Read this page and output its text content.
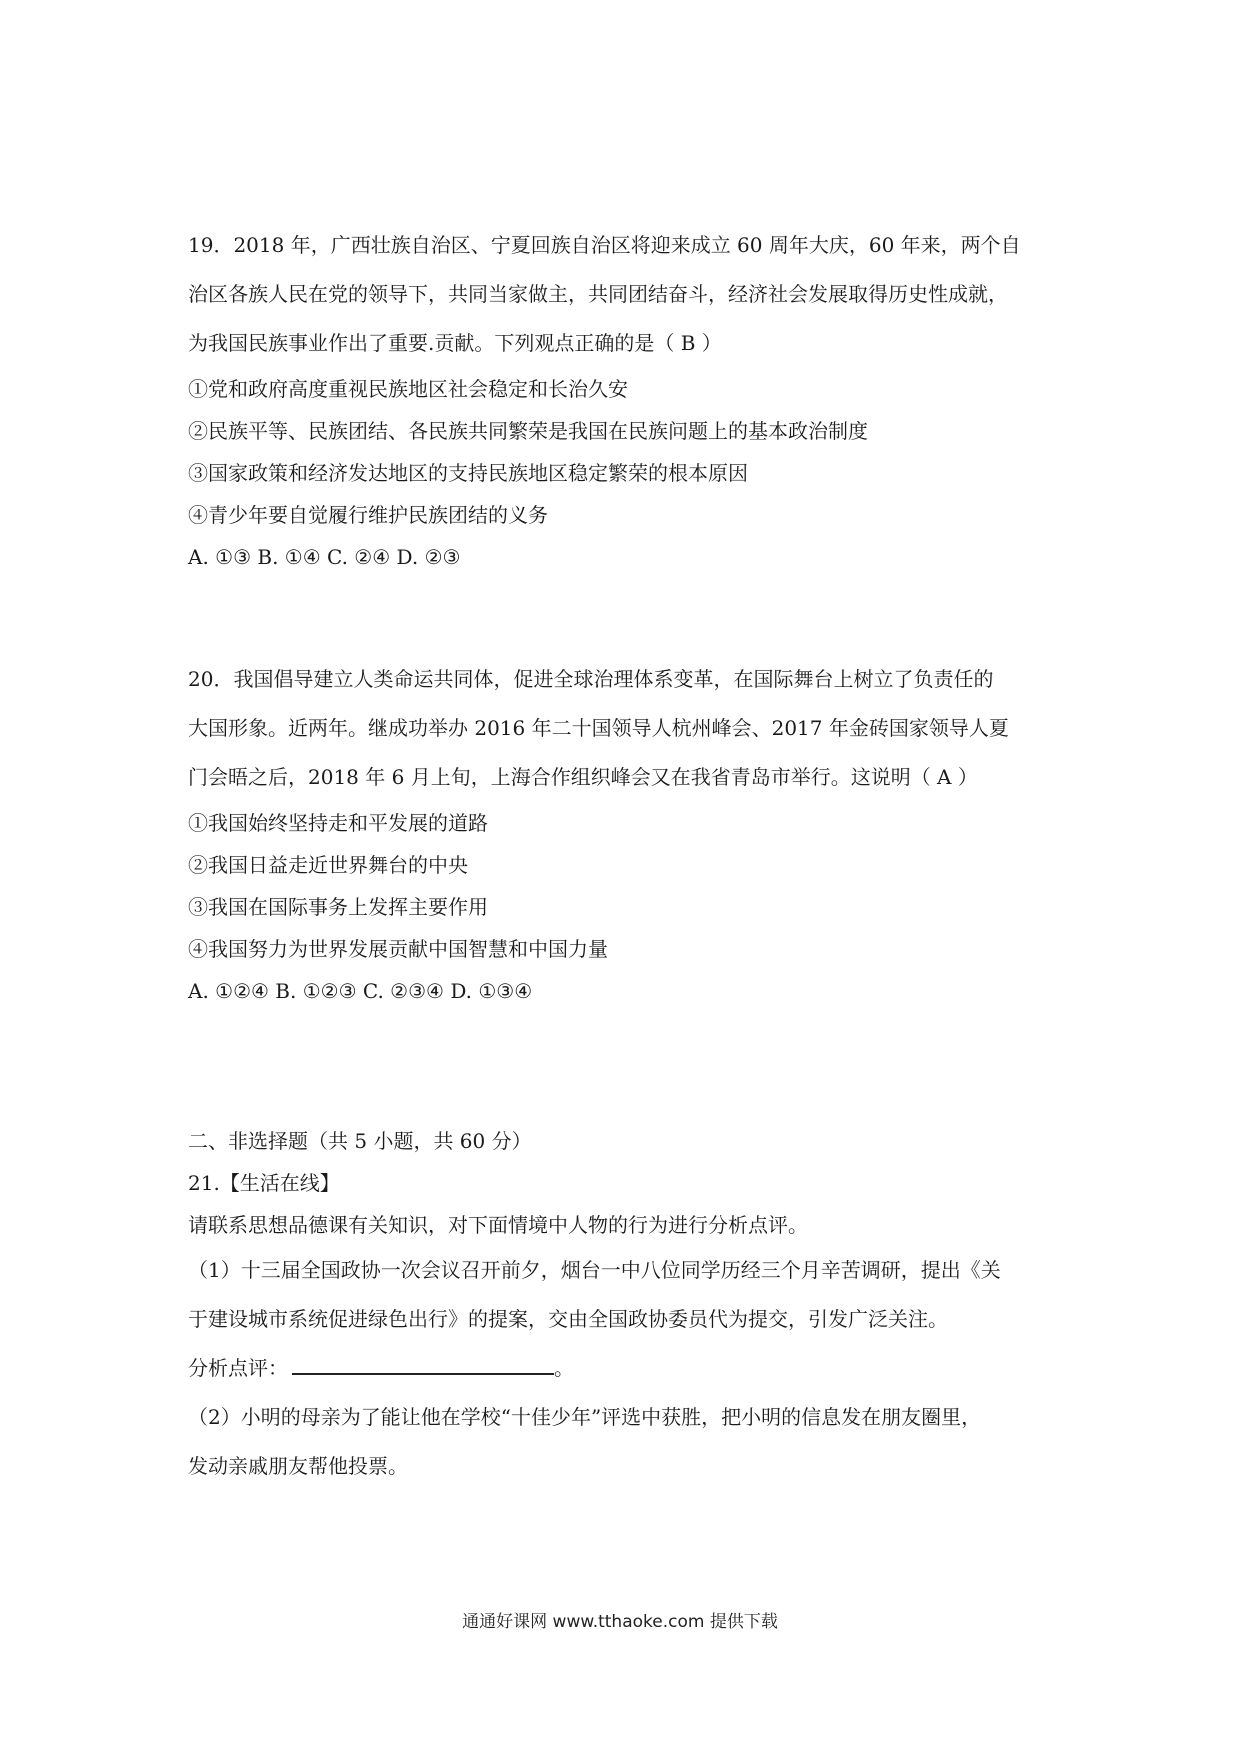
19．2018 年，广西壮族自治区、宁夏回族自治区将迎来成立 60 周年大庆，60 年来，两个自
治区各族人民在党的领导下，共同当家做主，共同团结奋斗，经济社会发展取得历史性成就，
为我国民族事业作出了重要.贡献。下列观点正确的是（ B ）
①党和政府高度重视民族地区社会稳定和长治久安
②民族平等、民族团结、各民族共同繁荣是我国在民族问题上的基本政治制度
③国家政策和经济发达地区的支持民族地区稳定繁荣的根本原因
④青少年要自觉履行维护民族团结的义务
A. ①③ B. ①④ C. ②④ D. ②③
20．我国倡导建立人类命运共同体，促进全球治理体系变革，在国际舞台上树立了负责任的
大国形象。近两年。继成功举办 2016 年二十国领导人杭州峰会、2017 年金砖国家领导人夏
门会晤之后，2018 年 6 月上旬，上海合作组织峰会又在我省青岛市举行。这说明（ A ）
①我国始终坚持走和平发展的道路
②我国日益走近世界舞台的中央
③我国在国际事务上发挥主要作用
④我国努力为世界发展贡献中国智慧和中国力量
A. ①②④ B. ①②③ C. ②③④ D. ①③④
二、非选择题（共 5 小题，共 60 分）
21.【生活在线】
请联系思想品德课有关知识，对下面情境中人物的行为进行分析点评。
（1）十三届全国政协一次会议召开前夕，烟台一中八位同学历经三个月辛苦调研，提出《关
于建设城市系统促进绿色出行》的提案，交由全国政协委员代为提交，引发广泛关注。
分析点评：	。
（2）小明的母亲为了能让他在学校“十佳少年”评选中获胜，把小明的信息发在朋友圈里，
发动亲戚朋友帮他投票。
通通好课网 www.tthaoke.com 提供下载
